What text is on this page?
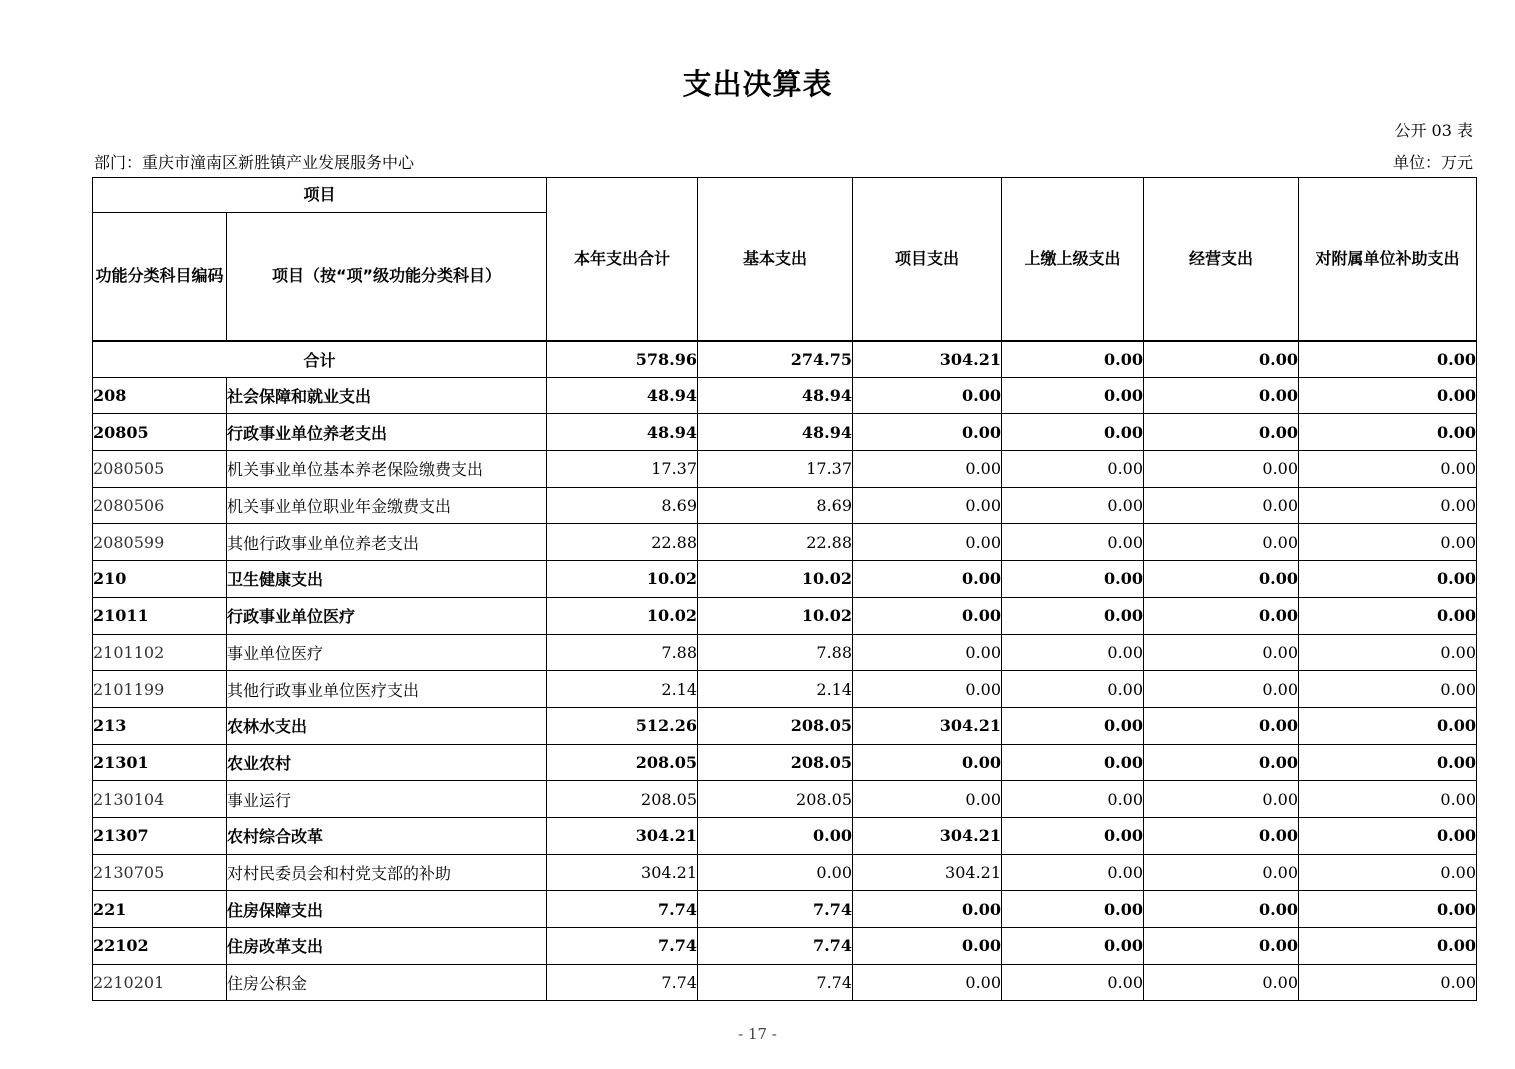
支出决算表
公开 03 表
部门：重庆市潼南区新胜镇产业发展服务中心	单位：万元
项目		本年支出合计	基本支出	项目支出	上缴上级支出	经营支出	对附属单位补助支出
功能分类科目编码	项目（按“项”级功能分类科目）						
合计		578.96	274.75	304.21	0.00	0.00	0.00
208	社会保障和就业支出	48.94	48.94	0.00	0.00	0.00	0.00
20805	行政事业单位养老支出	48.94	48.94	0.00	0.00	0.00	0.00
2080505	机关事业单位基本养老保险缴费支出	17.37	17.37	0.00	0.00	0.00	0.00
2080506	机关事业单位职业年金缴费支出	8.69	8.69	0.00	0.00	0.00	0.00
2080599	其他行政事业单位养老支出	22.88	22.88	0.00	0.00	0.00	0.00
210	卫生健康支出	10.02	10.02	0.00	0.00	0.00	0.00
21011	行政事业单位医疗	10.02	10.02	0.00	0.00	0.00	0.00
2101102	事业单位医疗	7.88	7.88	0.00	0.00	0.00	0.00
2101199	其他行政事业单位医疗支出	2.14	2.14	0.00	0.00	0.00	0.00
213	农林水支出	512.26	208.05	304.21	0.00	0.00	0.00
21301	农业农村	208.05	208.05	0.00	0.00	0.00	0.00
2130104	事业运行	208.05	208.05	0.00	0.00	0.00	0.00
21307	农村综合改革	304.21	0.00	304.21	0.00	0.00	0.00
2130705	对村民委员会和村党支部的补助	304.21	0.00	304.21	0.00	0.00	0.00
221	住房保障支出	7.74	7.74	0.00	0.00	0.00	0.00
22102	住房改革支出	7.74	7.74	0.00	0.00	0.00	0.00
2210201	住房公积金	7.74	7.74	0.00	0.00	0.00	0.00
- 17 -
